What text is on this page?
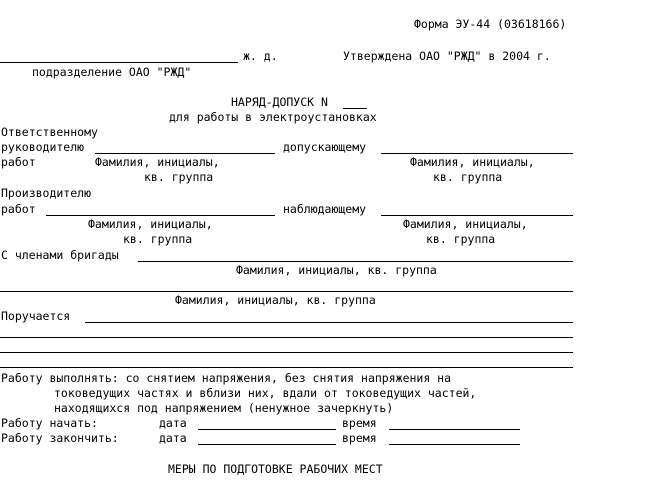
Форма ЭУ-44 (03618166)
ж. д.	Утверждена ОАО "РЖД" в 2004 г.
подразделение ОАО "РЖД"
НАРЯД-ДОПУСК N
для работы в электроустановках
Ответственному
руководителю	допускающему
работ	Фамилия, инициалы,	Фамилия, инициалы,
кв. группа	кв. группа
Производителю
работ	наблюдающему
Фамилия, инициалы,	Фамилия, инициалы,
кв. группа	кв. группа
С членами бригады
Фамилия, инициалы, кв. группа
Фамилия, инициалы, кв. группа
Поручается
Работу выполнять: со снятием напряжения, без снятия напряжения на
токоведущих частях и вблизи них, вдали от токоведущих частей,
находящихся под напряжением (ненужное зачеркнуть)
Работу начать:	дата	время
Работу закончить:	дата	время
МЕРЫ ПО ПОДГОТОВКЕ РАБОЧИХ МЕСТ
